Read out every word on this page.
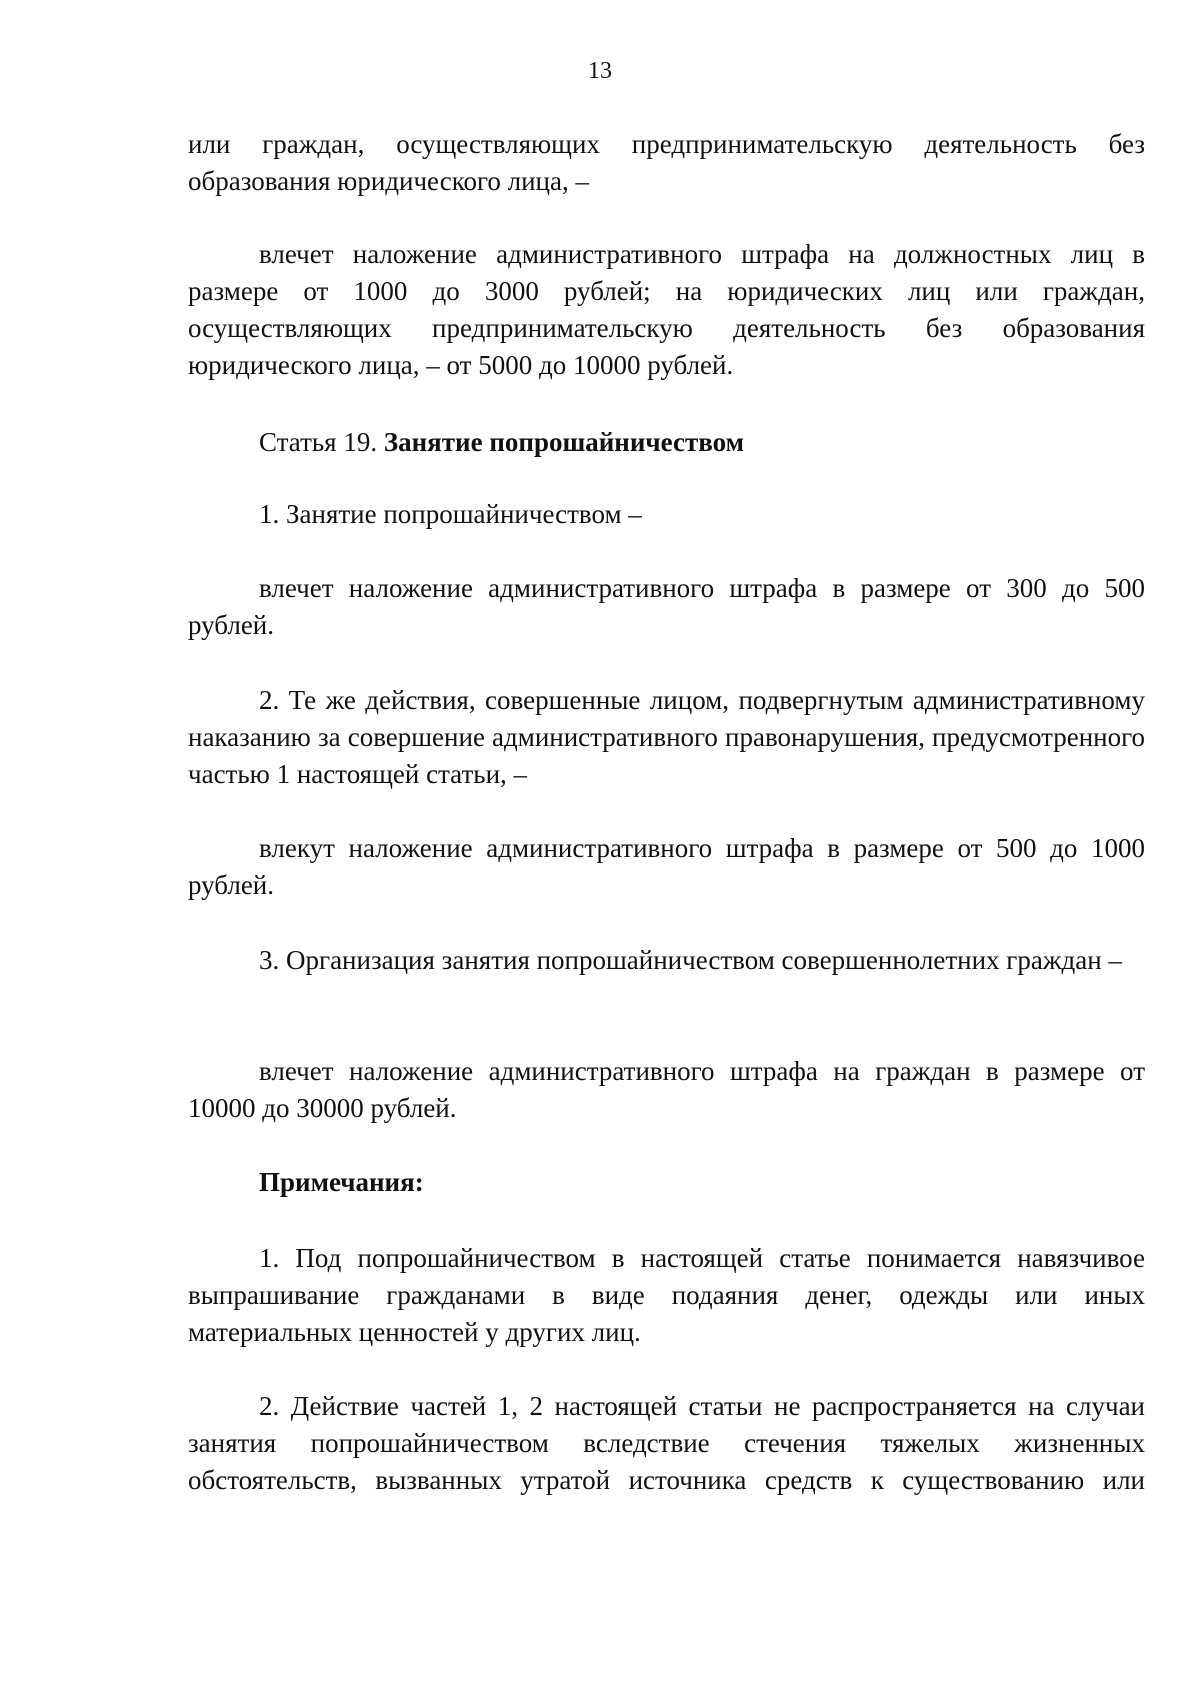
13

или граждан, осуществляющих предпринимательскую деятельность без образования юридического лица, –

влечет наложение административного штрафа на должностных лиц в размере от 1000 до 3000 рублей; на юридических лиц или граждан, осуществляющих предпринимательскую деятельность без образования юридического лица, – от 5000 до 10000 рублей.

Статья 19. Занятие попрошайничеством

1. Занятие попрошайничеством –

влечет наложение административного штрафа в размере от 300 до 500 рублей.

2. Те же действия, совершенные лицом, подвергнутым административному наказанию за совершение административного правонарушения, предусмотренного частью 1 настоящей статьи, –

влекут наложение административного штрафа в размере от 500 до 1000 рублей.

3. Организация занятия попрошайничеством совершеннолетних граждан –

влечет наложение административного штрафа на граждан в размере от 10000 до 30000 рублей.

Примечания:

1. Под попрошайничеством в настоящей статье понимается навязчивое выпрашивание гражданами в виде подаяния денег, одежды или иных материальных ценностей у других лиц.

2. Действие частей 1, 2 настоящей статьи не распространяется на случаи занятия попрошайничеством вследствие стечения тяжелых жизненных обстоятельств, вызванных утратой источника средств к существованию или
